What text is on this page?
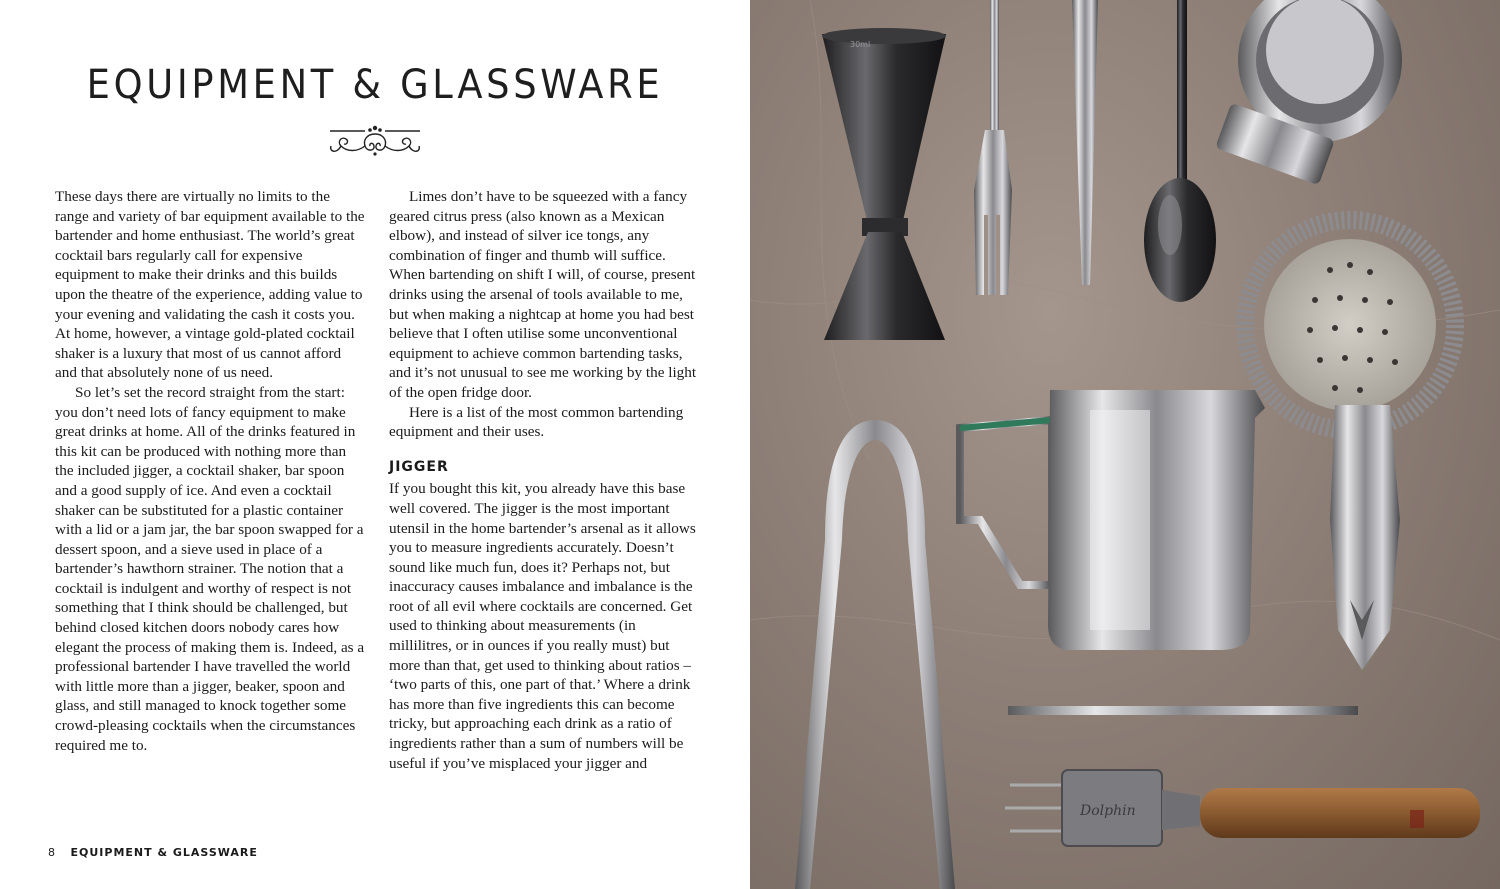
EQUIPMENT & GLASSWARE

These days there are virtually no limits to the range and variety of bar equipment available to the bartender and home enthusiast. The world’s great cocktail bars regularly call for expensive equipment to make their drinks and this builds upon the theatre of the experience, adding value to your evening and validating the cash it costs you. At home, however, a vintage gold-plated cocktail shaker is a luxury that most of us cannot afford and that absolutely none of us need.

So let’s set the record straight from the start: you don’t need lots of fancy equipment to make great drinks at home. All of the drinks featured in this kit can be produced with nothing more than the included jigger, a cocktail shaker, bar spoon and a good supply of ice. And even a cocktail shaker can be substituted for a plastic container with a lid or a jam jar, the bar spoon swapped for a dessert spoon, and a sieve used in place of a bartender’s hawthorn strainer. The notion that a cocktail is indulgent and worthy of respect is not something that I think should be challenged, but behind closed kitchen doors nobody cares how elegant the process of making them is. Indeed, as a professional bartender I have travelled the world with little more than a jigger, beaker, spoon and glass, and still managed to knock together some crowd-pleasing cocktails when the circumstances required me to.

Limes don’t have to be squeezed with a fancy geared citrus press (also known as a Mexican elbow), and instead of silver ice tongs, any combination of finger and thumb will suffice. When bartending on shift I will, of course, present drinks using the arsenal of tools available to me, but when making a nightcap at home you had best believe that I often utilise some unconventional equipment to achieve common bartending tasks, and it’s not unusual to see me working by the light of the open fridge door.

Here is a list of the most common bartending equipment and their uses.

JIGGER

If you bought this kit, you already have this base well covered. The jigger is the most important utensil in the home bartender’s arsenal as it allows you to measure ingredients accurately. Doesn’t sound like much fun, does it? Perhaps not, but inaccuracy causes imbalance and imbalance is the root of all evil where cocktails are concerned. Get used to thinking about measurements (in millilitres, or in ounces if you really must) but more than that, get used to thinking about ratios – ‘two parts of this, one part of that.’ Where a drink has more than five ingredients this can become tricky, but approaching each drink as a ratio of ingredients rather than a sum of numbers will be useful if you’ve misplaced your jigger and

8 EQUIPMENT & GLASSWARE
30ml
Dolphin
